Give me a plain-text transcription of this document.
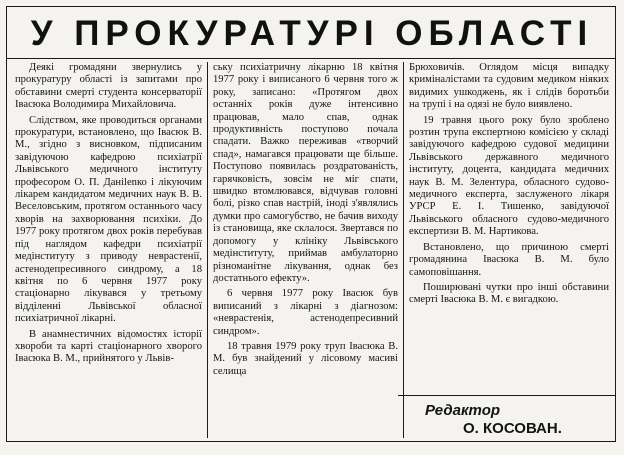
У ПРОКУРАТУРІ ОБЛАСТІ

Деякі громадяни звернулись у прокуратуру області із запитами про обставини смерті студента консерваторії Івасюка Володимира Михайловича.

Слідством, яке проводиться органами прокуратури, встановлено, що Івасюк В. М., згідно з висновком, підписаним завідуючою кафедрою психіатрії Львівського медичного інституту професором О. П. Данilenко і лікуючим лікарем кандидатом медичних наук В. В. Веселовським, протягом останнього часу хворів на захворювання психіки. До 1977 року протягом двох років перебував під наглядом кафедри психіатрії медінституту з приводу неврастенії, астенодепресивного синдрому, а 18 квітня по 6 червня 1977 року стаціонарно лікувався у третьому відділенні Львівської обласної психіатричної лікарні.

В анамнестичних відомостях історії хвороби та карті стаціонарного хворого Івасюка В. М., прийнятого у Львів-

ську психіатричну лікарню 18 квітня 1977 року і виписаного 6 червня того ж року, записано: «Протягом двох останніх років дуже інтенсивно працював, мало спав, однак продуктивність поступово почала спадати. Важко переживав «творчий спад», намагався працювати ще більше. Поступово появилась роздратованість, гарячковість, зовсім не міг спати, швидко втомлювався, відчував головні болі, різко спав настрій, іноді з'являлись думки про самогубство, не бачив виходу із становища, яке склалося. Звертався по допомогу у клініку Львівського медінституту, приймав амбулаторно різноманітне лікування, однак без достатнього ефекту».

6 червня 1977 року Івасюк був виписаний з лікарні з діагнозом: «неврастенія, астенодепресивний синдром».

18 травня 1979 року труп Івасюка В. М. був знайдений у лісовому масиві селища

Брюховичів. Оглядом місця випадку криміналістами та судовим медиком ніяких видимих ушкоджень, як і слідів боротьби на трупі і на одязі не було виявлено.

19 травня цього року було зроблено розтин трупа експертною комісією у складі завідуючого кафедрою судової медицини Львівського державного медичного інституту, доцента, кандидата медичних наук В. М. Зелентура, обласного судово-медичного експерта, заслуженого лікаря УРСР Е. І. Тишенко, завідуючої Львівського обласного судово-медичного експертизи В. М. Нартикова.

Встановлено, що причиною смерті громадянина Івасюка В. М. було самоповішання.

Поширювані чутки про інші обставини смерті Івасюка В. М. є вигадкою.

Редактор
О. КОСОВАН.
